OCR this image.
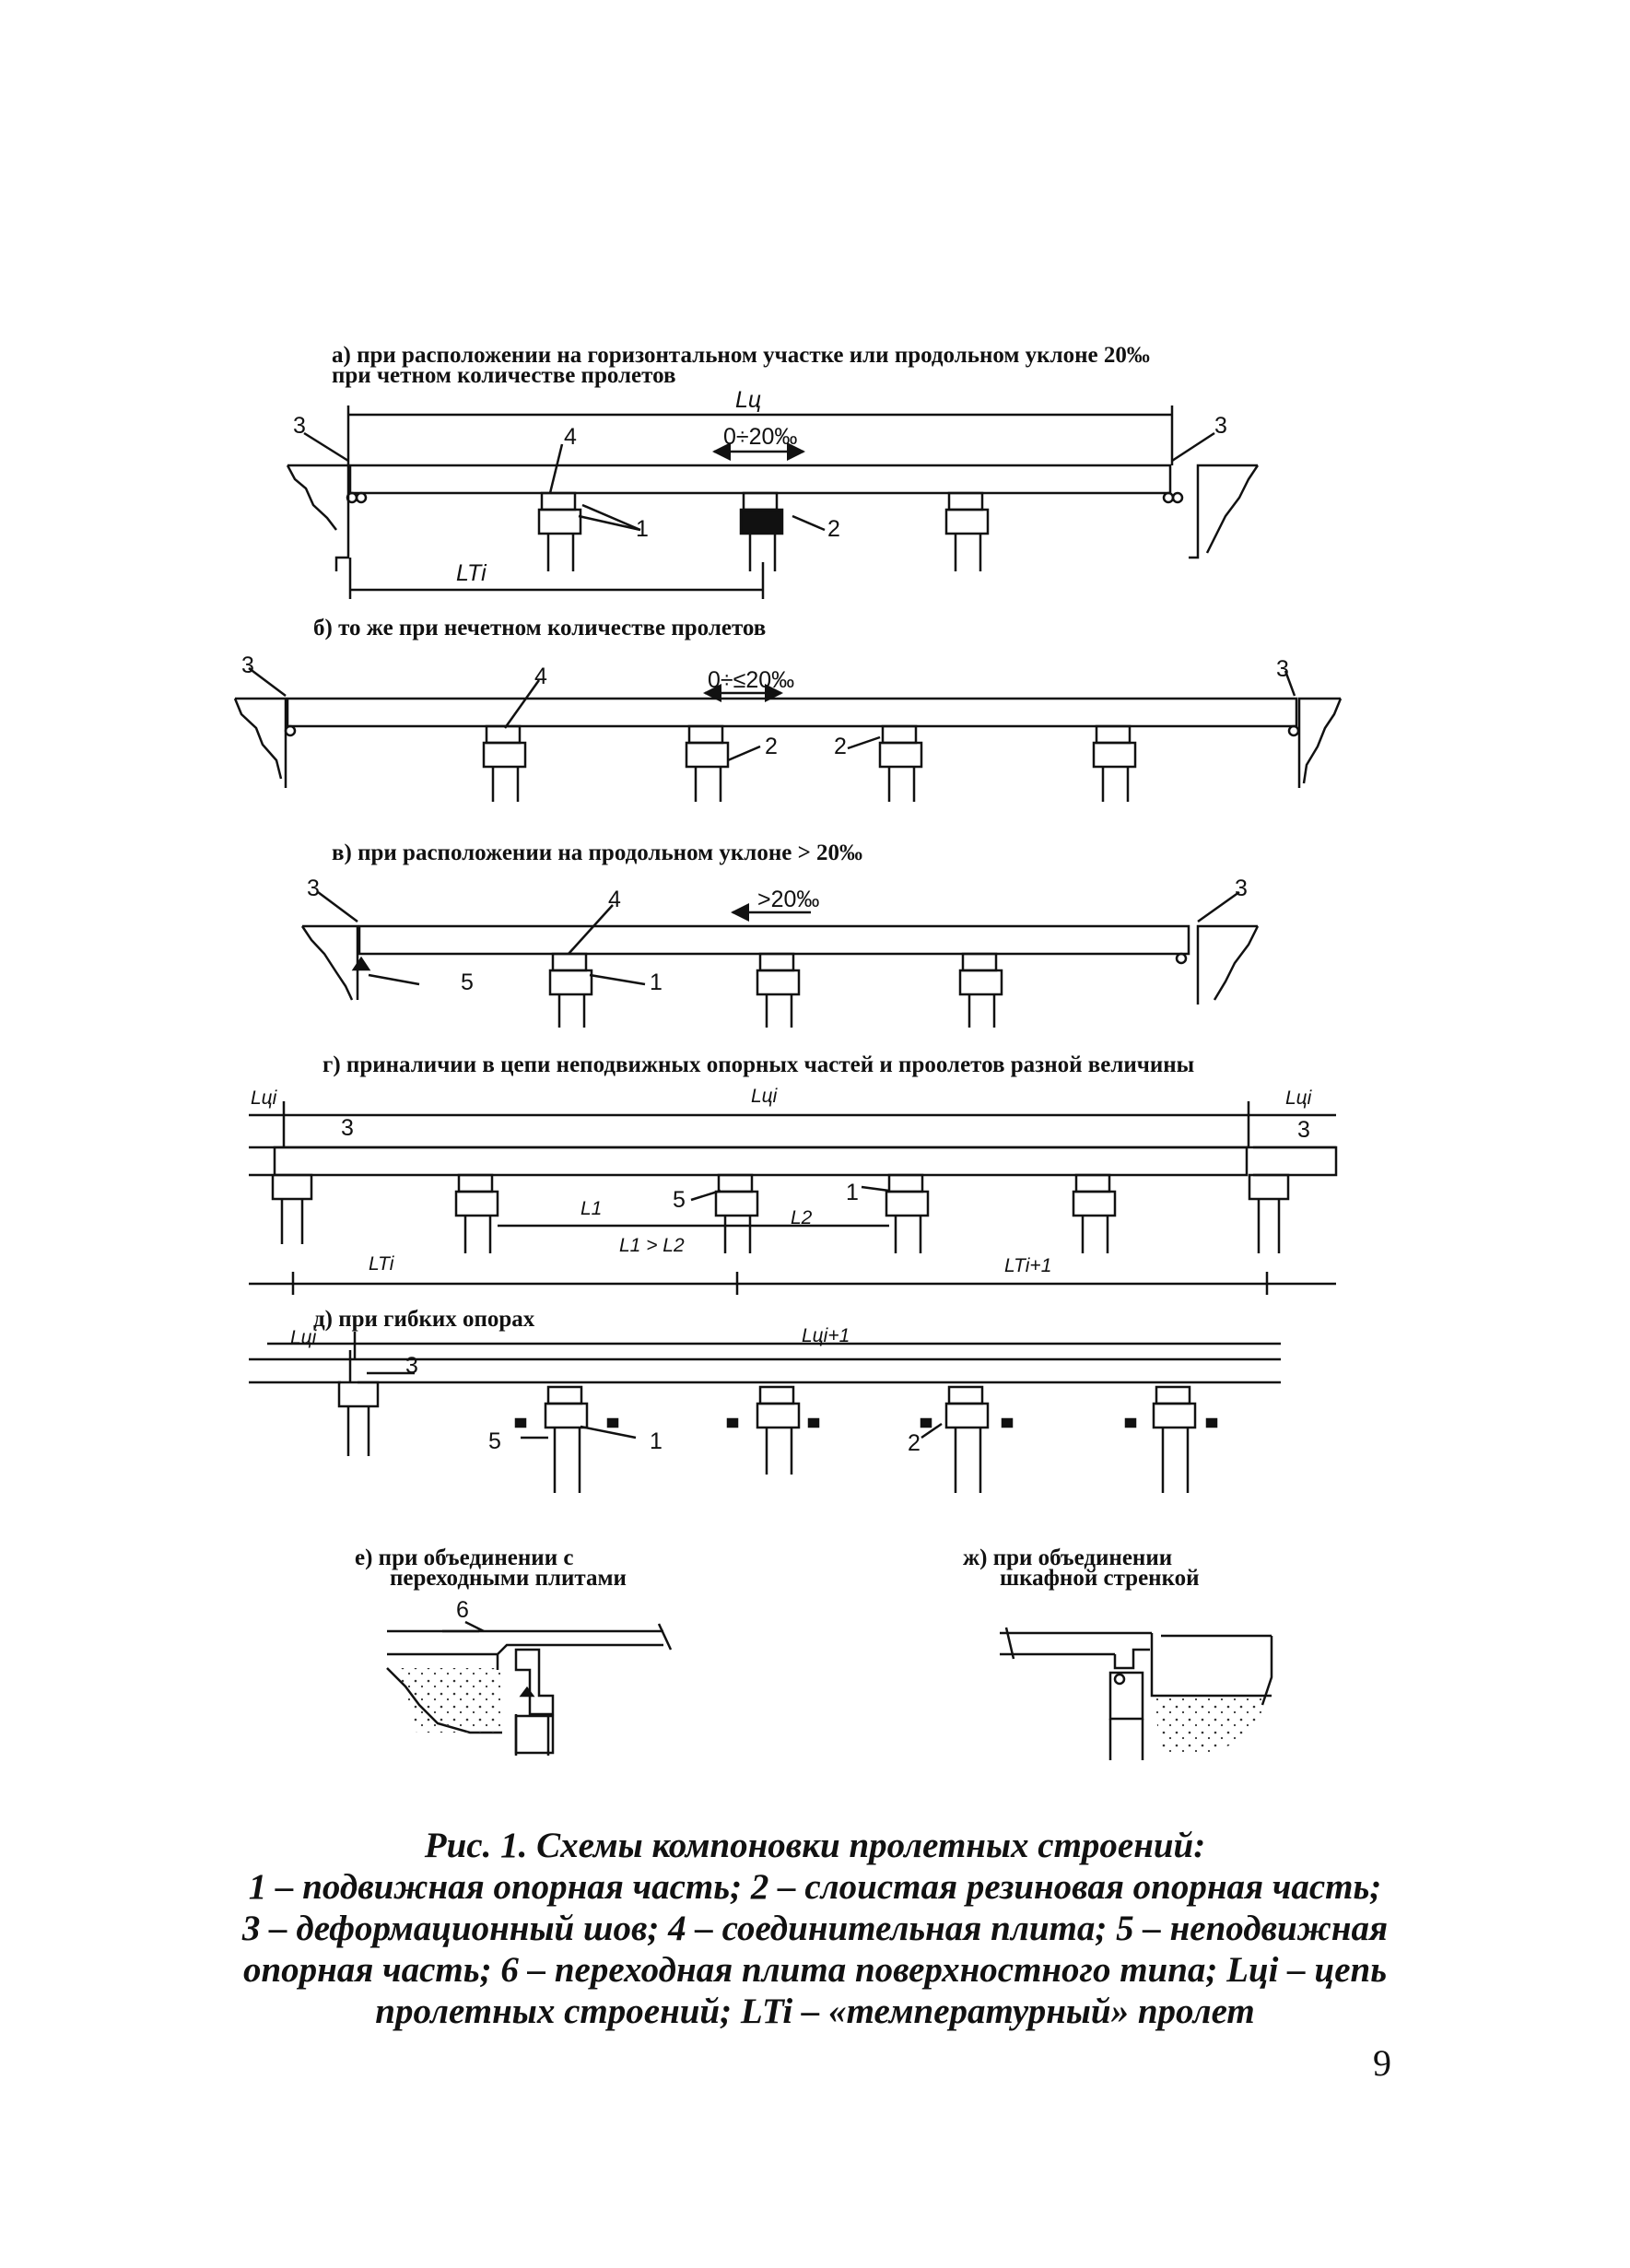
а) при расположении на горизонтальном участке или продольном уклоне 20‰
при четном количестве пролетов
б) то же при нечетном количестве пролетов
в) при расположении на продольном уклоне > 20‰
г) приналичии в цепи неподвижных опорных частей и проолетов разной величины
д) при гибких опорах
е) при объединении с
переходными плитами
ж) при объединении
шкафной стренкой
3	3
4	0÷20‰
Lц
1	2
LTi
3	3
4	0÷≤20‰
2 2
3	3
4	>20‰
5	1
Lцi	Lцi	Lцi
3	3
5	1
L1	L2
L1 > L2
LTi	LTi+1
Lцi	Lцi+1
3
5	1	2
6
Рис. 1. Схемы компоновки пролетных строений:
1 – подвижная опорная часть; 2 – слоистая резиновая опорная часть;
3 – деформационный шов; 4 – соединительная плита; 5 – неподвижная
опорная часть; 6 – переходная плита поверхностного типа; Lцi – цепь
пролетных строений; LTi – «температурный» пролет
9
